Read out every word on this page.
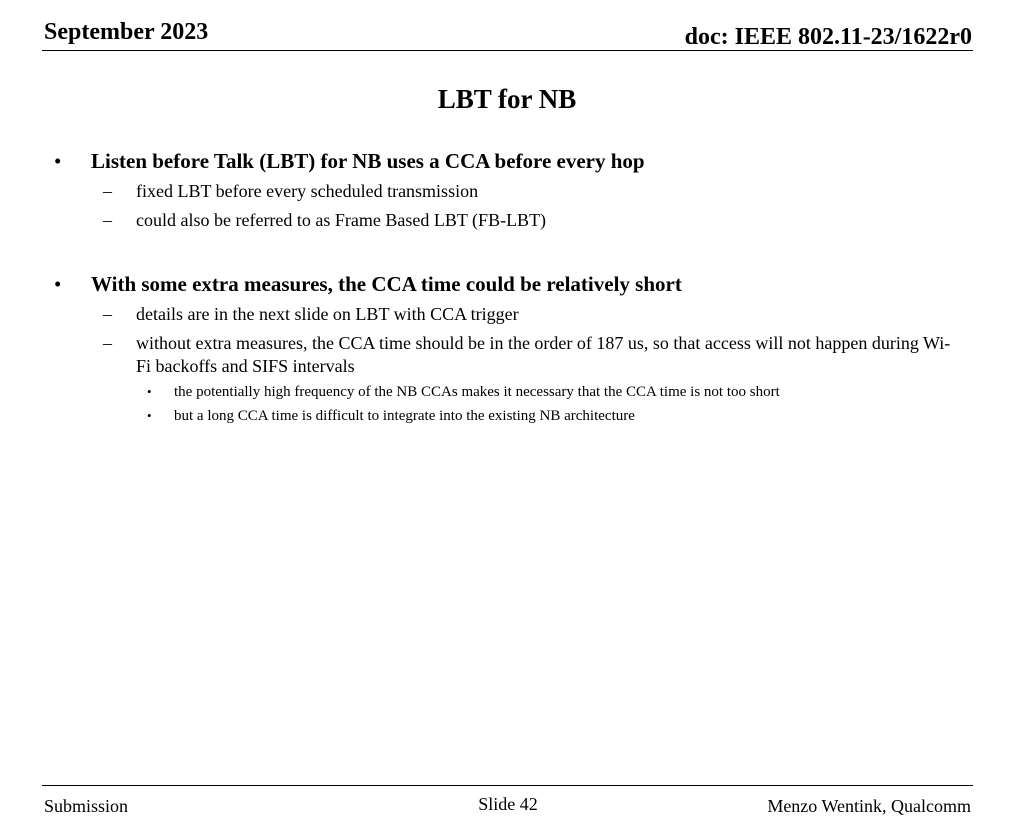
September 2023	doc: IEEE 802.11-23/1622r0
LBT for NB
• Listen before Talk (LBT) for NB uses a CCA before every hop
– fixed LBT before every scheduled transmission
– could also be referred to as Frame Based LBT (FB-LBT)
• With some extra measures, the CCA time could be relatively short
– details are in the next slide on LBT with CCA trigger
– without extra measures, the CCA time should be in the order of 187 us, so that access will not happen during Wi-Fi backoffs and SIFS intervals
• the potentially high frequency of the NB CCAs makes it necessary that the CCA time is not too short
• but a long CCA time is difficult to integrate into the existing NB architecture
Submission	Slide 42	Menzo Wentink, Qualcomm
